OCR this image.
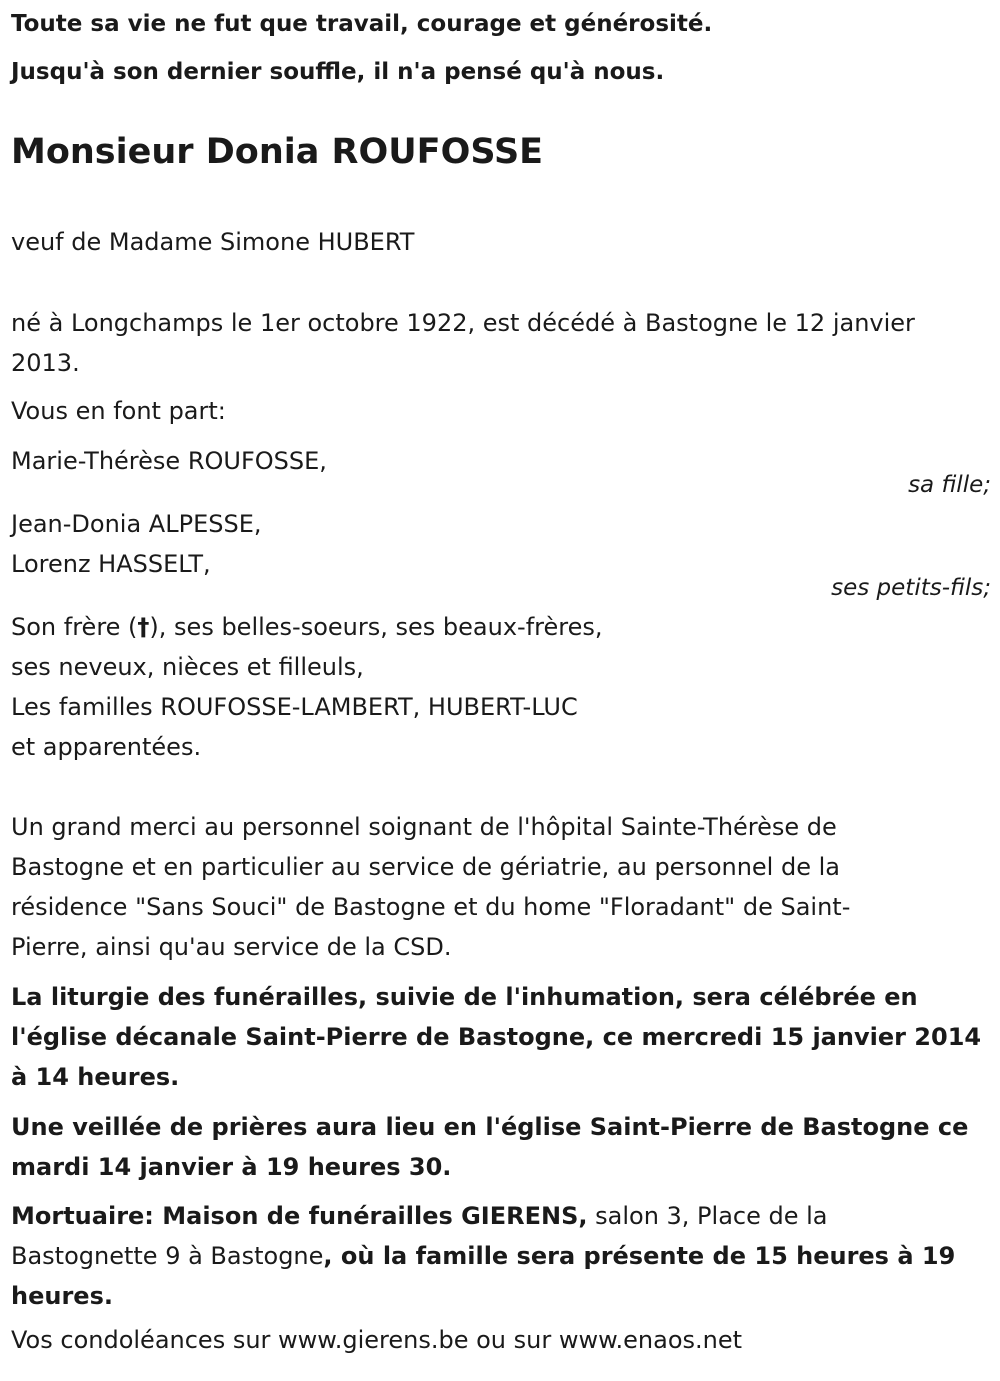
Toute sa vie ne fut que travail, courage et générosité.
Jusqu'à son dernier souffle, il n'a pensé qu'à nous.
Monsieur Donia ROUFOSSE
veuf de Madame Simone HUBERT
né à Longchamps le 1er octobre 1922, est décédé à Bastogne le 12 janvier
2013.
Vous en font part:
Marie-Thérèse ROUFOSSE,
sa fille;
Jean-Donia ALPESSE,
Lorenz HASSELT,
ses petits-fils;
Son frère (†), ses belles-soeurs, ses beaux-frères,
ses neveux, nièces et filleuls,
Les familles ROUFOSSE-LAMBERT, HUBERT-LUC
et apparentées.
Un grand merci au personnel soignant de l'hôpital Sainte-Thérèse de
Bastogne et en particulier au service de gériatrie, au personnel de la
résidence "Sans Souci" de Bastogne et du home "Floradant" de Saint-
Pierre, ainsi qu'au service de la CSD.
La liturgie des funérailles, suivie de l'inhumation, sera célébrée en
l'église décanale Saint-Pierre de Bastogne, ce mercredi 15 janvier 2014
à 14 heures.
Une veillée de prières aura lieu en l'église Saint-Pierre de Bastogne ce
mardi 14 janvier à 19 heures 30.
Mortuaire: Maison de funérailles GIERENS, salon 3, Place de la
Bastognette 9 à Bastogne, où la famille sera présente de 15 heures à 19
heures.
Vos condoléances sur www.gierens.be ou sur www.enaos.net
